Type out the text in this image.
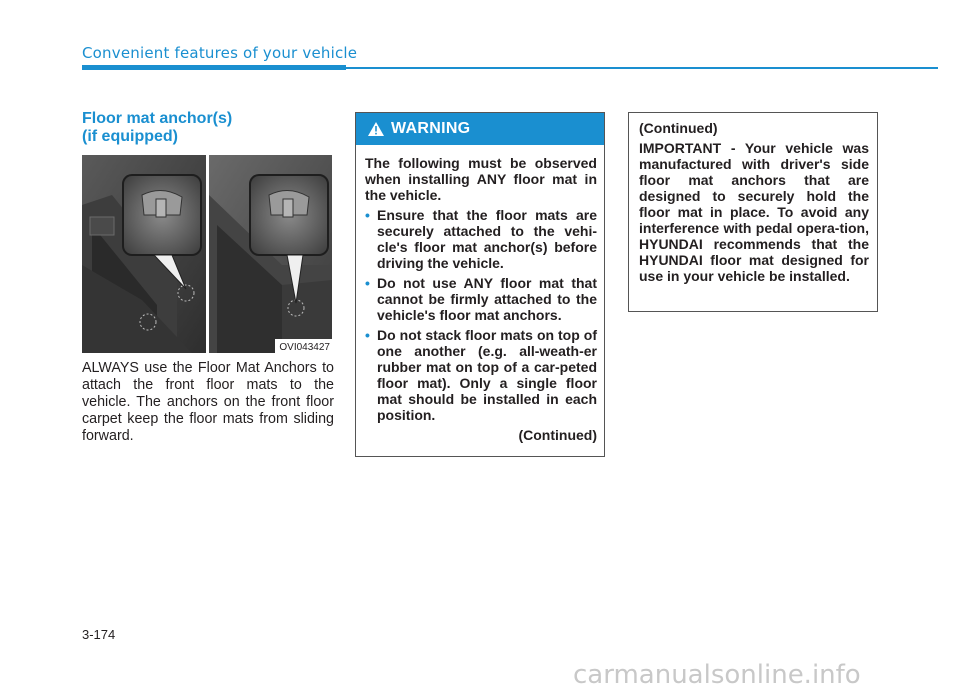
Convenient features of your vehicle
Floor mat anchor(s)
(if equipped)
OVI043427
ALWAYS use the Floor Mat Anchors to attach the front floor mats to the vehicle. The anchors on the front floor carpet keep the floor mats from sliding forward.
WARNING

The following must be observed when installing ANY floor mat in the vehicle.

• Ensure that the floor mats are securely attached to the vehi-cle's floor mat anchor(s) before driving the vehicle.
• Do not use ANY floor mat that cannot be firmly attached to the vehicle's floor mat anchors.
• Do not stack floor mats on top of one another (e.g. all-weath-er rubber mat on top of a car-peted floor mat). Only a single floor mat should be installed in each position.
(Continued)

(Continued)

IMPORTANT - Your vehicle was manufactured with driver's side floor mat anchors that are designed to securely hold the floor mat in place. To avoid any interference with pedal opera-tion, HYUNDAI recommends that the HYUNDAI floor mat designed for use in your vehicle be installed.

3-174
carmanualsonline.info
